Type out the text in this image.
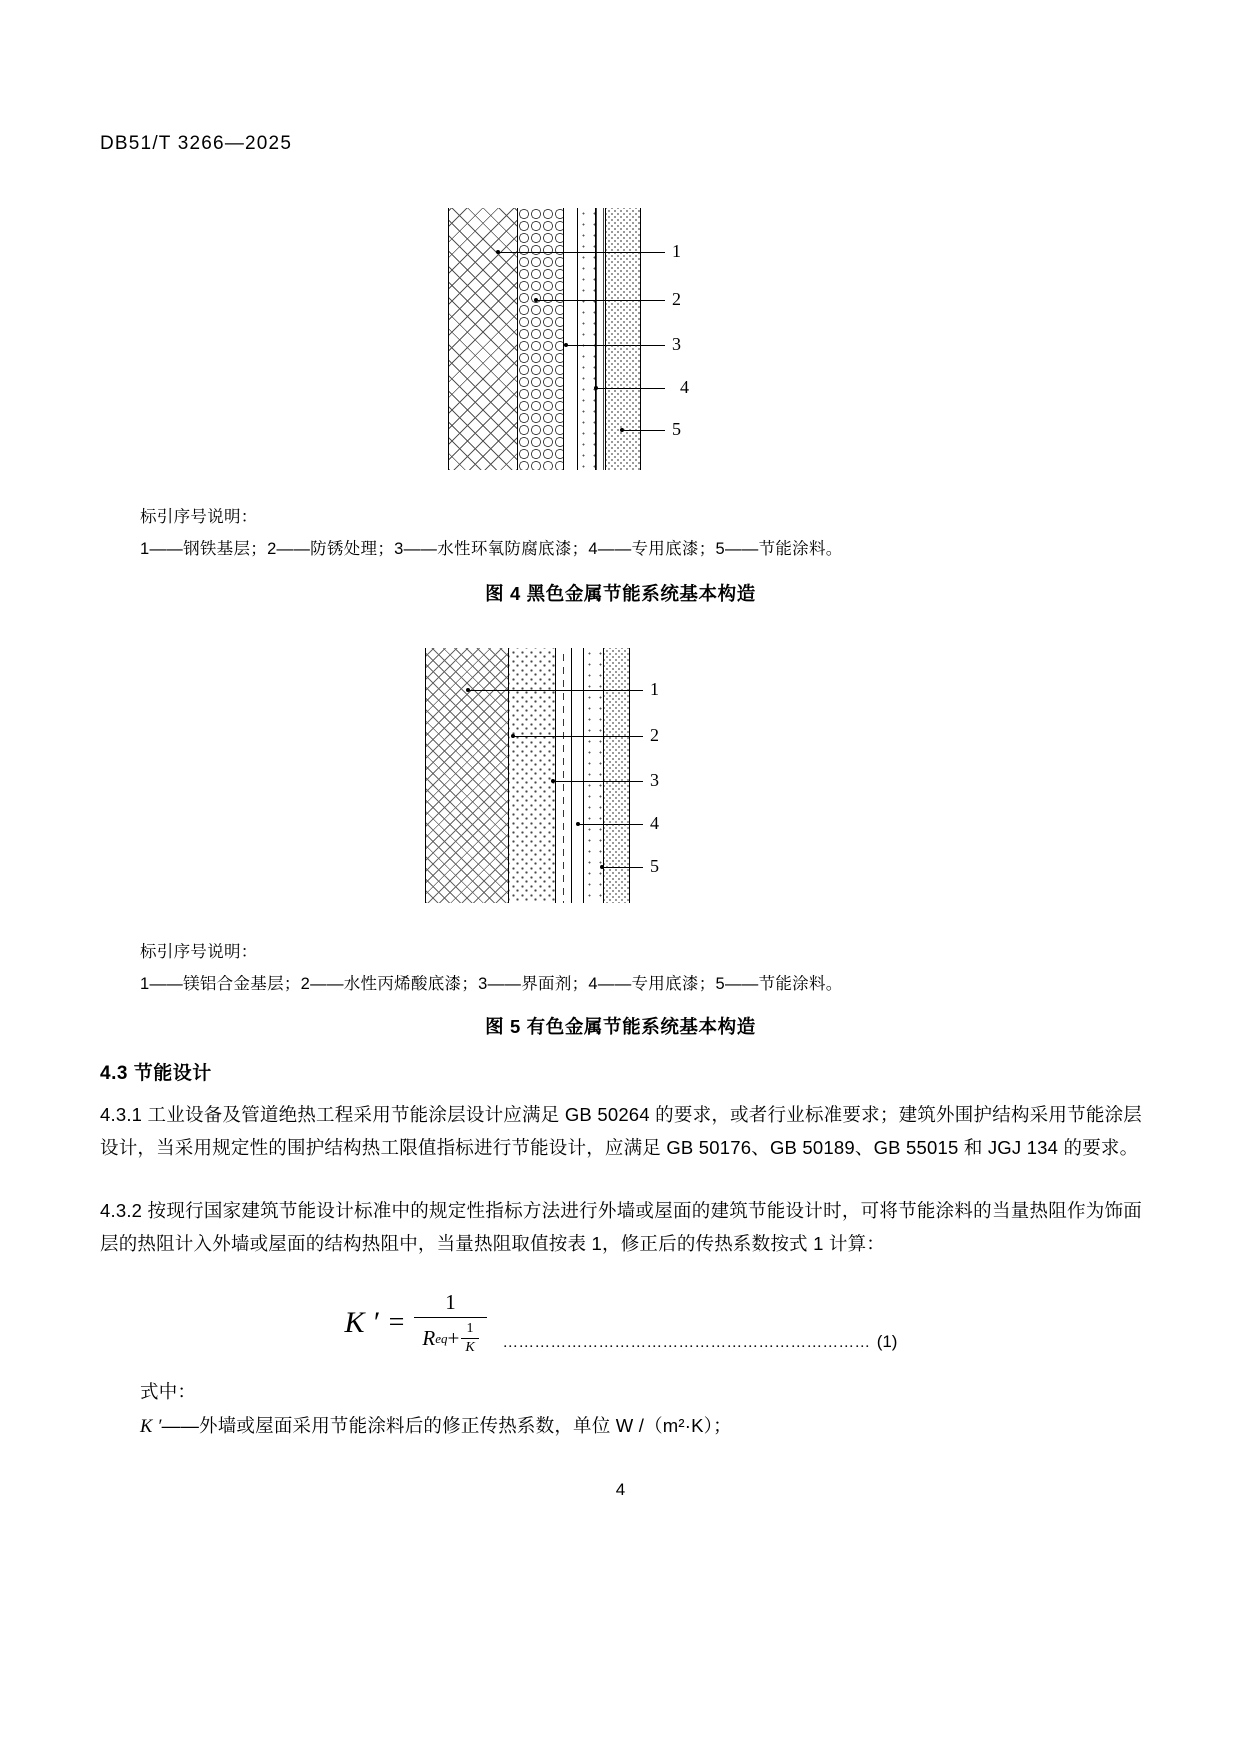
DB51/T 3266—2025
1
2
3
4
5
标引序号说明：
1——钢铁基层；2——防锈处理；3——水性环氧防腐底漆；4——专用底漆；5——节能涂料。
图 4 黑色金属节能系统基本构造
1
2
3
4
5
标引序号说明：
1——镁铝合金基层；2——水性丙烯酸底漆；3——界面剂；4——专用底漆；5——节能涂料。
图 5 有色金属节能系统基本构造
4.3 节能设计
4.3.1 工业设备及管道绝热工程采用节能涂层设计应满足 GB 50264 的要求，或者行业标准要求；建筑外围护结构采用节能涂层设计，当采用规定性的围护结构热工限值指标进行节能设计，应满足 GB 50176、GB 50189、GB 55015 和 JGJ 134 的要求。
4.3.2 按现行国家建筑节能设计标准中的规定性指标方法进行外墙或屋面的建筑节能设计时，可将节能涂料的当量热阻作为饰面层的热阻计入外墙或屋面的结构热阻中，当量热阻取值按表 1，修正后的传热系数按式 1 计算：
K ′ = $\frac{1}{R eq + \frac{1}{K}}$ …………………………………………………………… (1)
式中：
K ′——外墙或屋面采用节能涂料后的修正传热系数，单位 W /（m²·K）；
4
